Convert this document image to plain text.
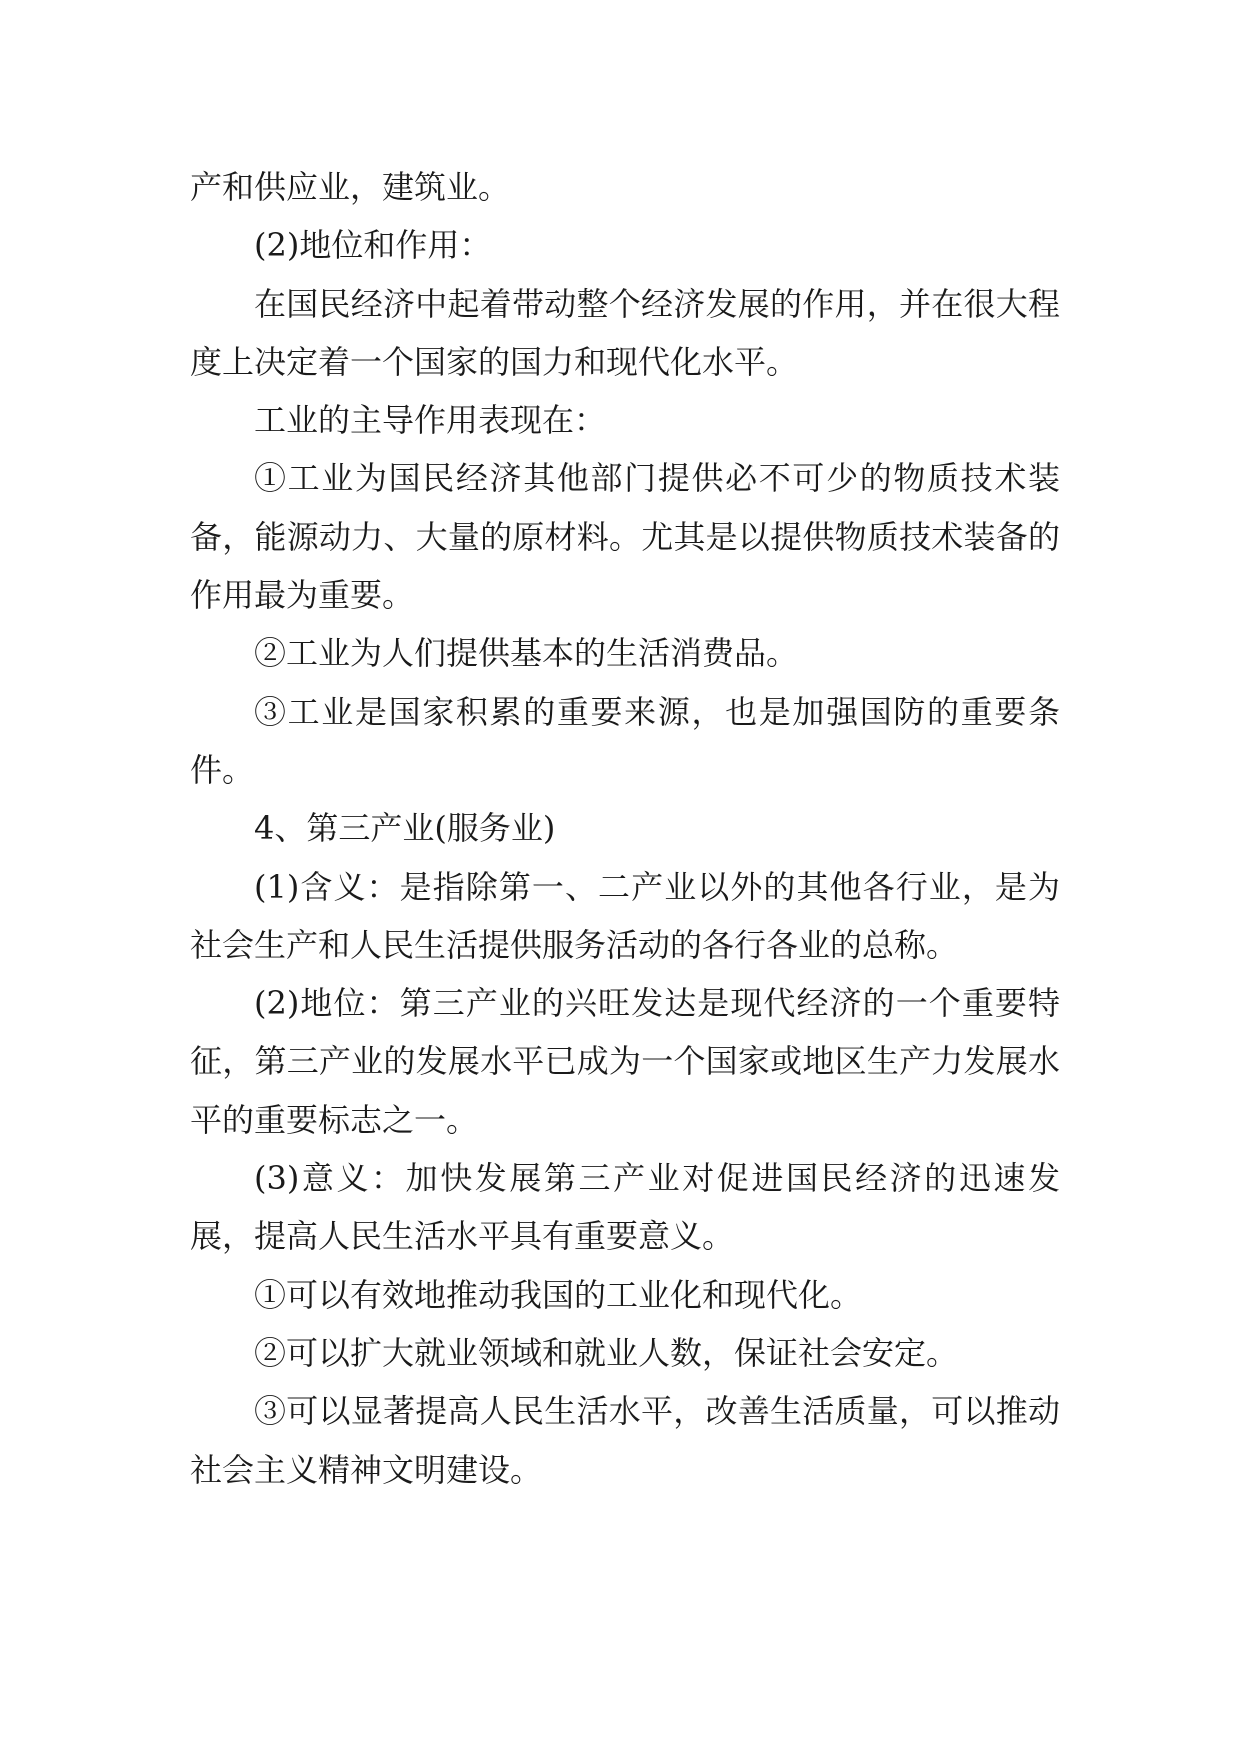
产和供应业，建筑业。

(2)地位和作用：

在国民经济中起着带动整个经济发展的作用，并在很大程度上决定着一个国家的国力和现代化水平。

工业的主导作用表现在：

①工业为国民经济其他部门提供必不可少的物质技术装备，能源动力、大量的原材料。尤其是以提供物质技术装备的作用最为重要。

②工业为人们提供基本的生活消费品。

③工业是国家积累的重要来源，也是加强国防的重要条件。

4、第三产业(服务业)

(1)含义：是指除第一、二产业以外的其他各行业，是为社会生产和人民生活提供服务活动的各行各业的总称。

(2)地位：第三产业的兴旺发达是现代经济的一个重要特征，第三产业的发展水平已成为一个国家或地区生产力发展水平的重要标志之一。

(3)意义：加快发展第三产业对促进国民经济的迅速发展，提高人民生活水平具有重要意义。

①可以有效地推动我国的工业化和现代化。

②可以扩大就业领域和就业人数，保证社会安定。

③可以显著提高人民生活水平，改善生活质量，可以推动社会主义精神文明建设。
